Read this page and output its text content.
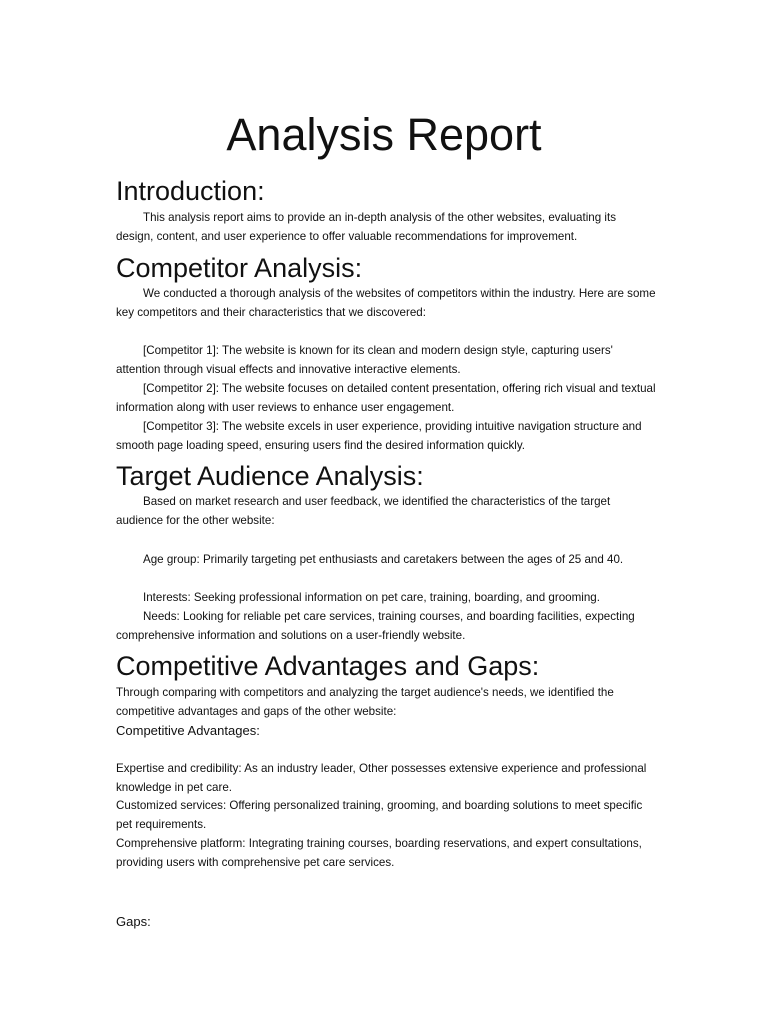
Analysis Report
Introduction:

This analysis report aims to provide an in-depth analysis of the other websites, evaluating its design, content, and user experience to offer valuable recommendations for improvement.

Competitor Analysis:

We conducted a thorough analysis of the websites of competitors within the industry. Here are some key competitors and their characteristics that we discovered:

[Competitor 1]: The website is known for its clean and modern design style, capturing users' attention through visual effects and innovative interactive elements.

[Competitor 2]: The website focuses on detailed content presentation, offering rich visual and textual information along with user reviews to enhance user engagement.

[Competitor 3]: The website excels in user experience, providing intuitive navigation structure and smooth page loading speed, ensuring users find the desired information quickly.

Target Audience Analysis:

Based on market research and user feedback, we identified the characteristics of the target audience for the other website:

Age group: Primarily targeting pet enthusiasts and caretakers between the ages of 25 and 40.

Interests: Seeking professional information on pet care, training, boarding, and grooming.

Needs: Looking for reliable pet care services, training courses, and boarding facilities, expecting comprehensive information and solutions on a user-friendly website.

Competitive Advantages and Gaps:

Through comparing with competitors and analyzing the target audience's needs, we identified the competitive advantages and gaps of the other website:

Competitive Advantages:

Expertise and credibility: As an industry leader, Other possesses extensive experience and professional knowledge in pet care.

Customized services: Offering personalized training, grooming, and boarding solutions to meet specific pet requirements.

Comprehensive platform: Integrating training courses, boarding reservations, and expert consultations, providing users with comprehensive pet care services.

Gaps:
